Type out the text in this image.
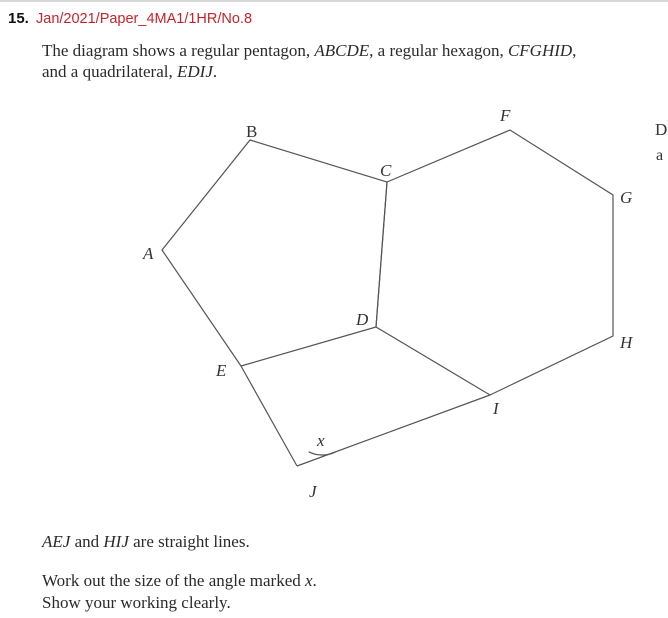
15. Jan/2021/Paper_4MA1/1HR/No.8
The diagram shows a regular pentagon, ABCDE, a regular hexagon, CFGHID,
and a quadrilateral, EDIJ.
B
C
F
G
A
D
H
E
I
x
J
D
a
AEJ and HIJ are straight lines.
Work out the size of the angle marked x.
Show your working clearly.
